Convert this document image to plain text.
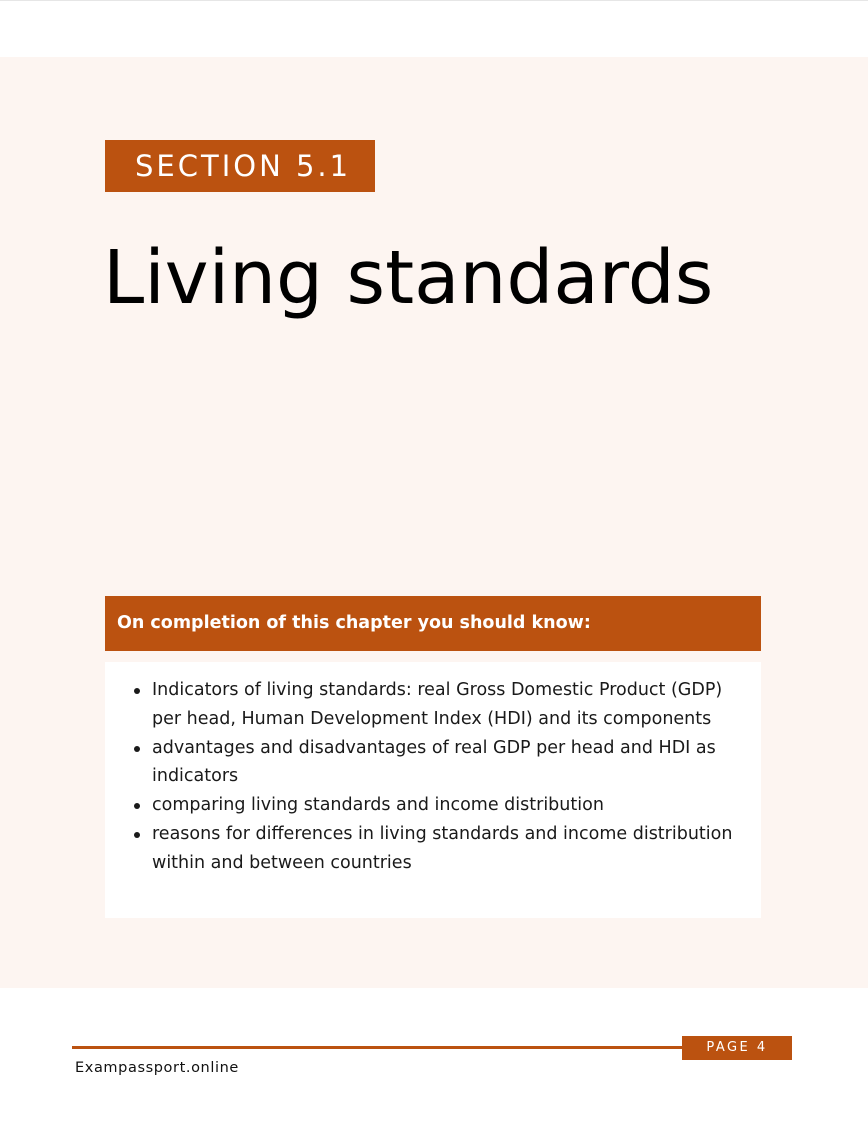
SECTION 5.1
Living standards
On completion of this chapter you should know:
Indicators of living standards: real Gross Domestic Product (GDP) per head, Human Development Index (HDI) and its components
advantages and disadvantages of real GDP per head and HDI as indicators
comparing living standards and income distribution
reasons for differences in living standards and income distribution within and between countries
PAGE 4
Exampassport.online
